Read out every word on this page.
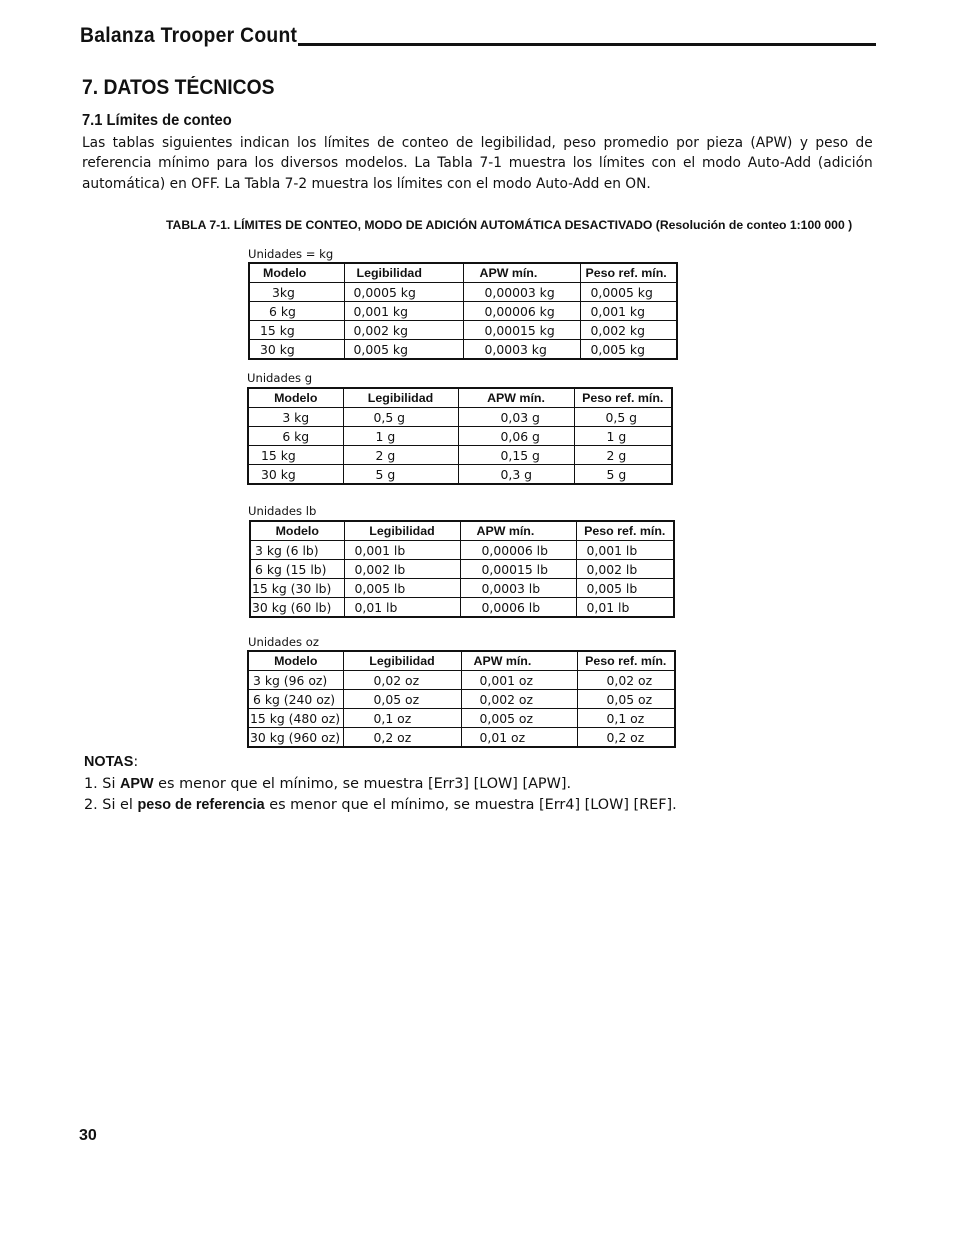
Balanza Trooper Count
7. DATOS TÉCNICOS
7.1 Límites de conteo
Las tablas siguientes indican los límites de conteo de legibilidad, peso promedio por pieza (APW) y peso de referencia mínimo para los diversos modelos. La Tabla 7-1 muestra los límites con el modo Auto-Add (adición automática) en OFF. La Tabla 7-2 muestra los límites con el modo Auto-Add en ON.
TABLA 7-1. LÍMITES DE CONTEO, MODO DE ADICIÓN AUTOMÁTICA DESACTIVADO (Resolución de conteo 1:100 000 )
Unidades = kg
Modelo	Legibilidad	APW mín.	Peso ref. mín.
3kg	0,0005 kg	0,00003 kg	0,0005 kg
6 kg	0,001 kg	0,00006 kg	0,001 kg
15 kg	0,002 kg	0,00015 kg	0,002 kg
30 kg	0,005 kg	0,0003 kg	0,005 kg
Unidades g
Modelo	Legibilidad	APW mín.	Peso ref. mín.
3 kg	0,5 g	0,03 g	0,5 g
6 kg	1 g	0,06 g	1 g
15 kg	2 g	0,15 g	2 g
30 kg	5 g	0,3 g	5 g
Unidades lb
Modelo	Legibilidad	APW mín.	Peso ref. mín.
3 kg (6 lb)	0,001 lb	0,00006 lb	0,001 lb
6 kg (15 lb)	0,002 lb	0,00015 lb	0,002 lb
15 kg (30 lb)	0,005 lb	0,0003 lb	0,005 lb
30 kg (60 lb)	0,01 lb	0,0006 lb	0,01 lb
Unidades oz
Modelo	Legibilidad	APW mín.	Peso ref. mín.
3 kg (96 oz)	0,02 oz	0,001 oz	0,02 oz
6 kg (240 oz)	0,05 oz	0,002 oz	0,05 oz
15 kg (480 oz)	0,1 oz	0,005 oz	0,1 oz
30 kg (960 oz)	0,2 oz	0,01 oz	0,2 oz
NOTAS:
1. Si APW es menor que el mínimo, se muestra [Err3] [LOW] [APW].
2. Si el peso de referencia es menor que el mínimo, se muestra [Err4] [LOW] [REF].
30
